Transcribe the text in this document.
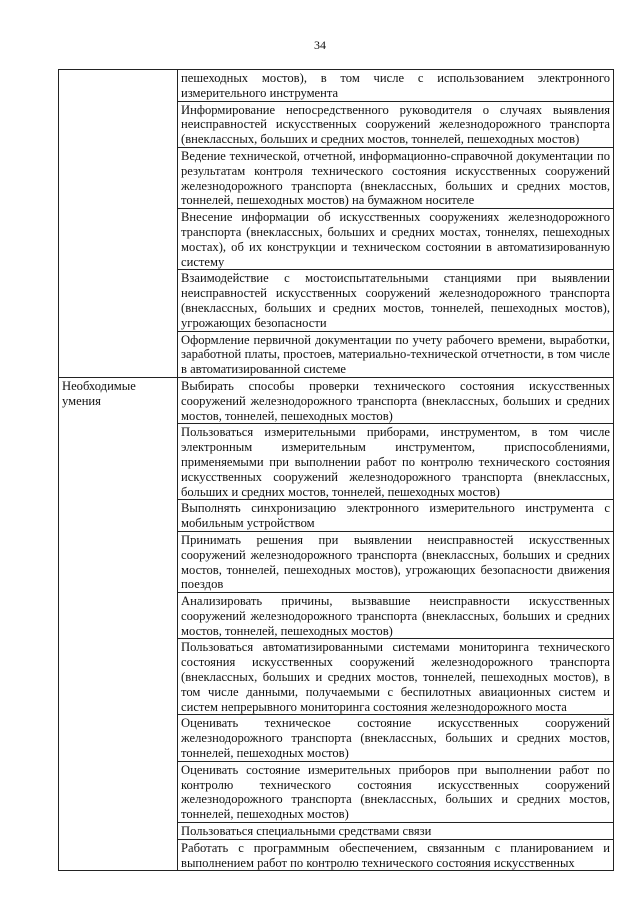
34

	пешеходных мостов), в том числе с использованием электронного измерительного инструмента

	Информирование непосредственного руководителя о случаях выявления неисправностей искусственных сооружений железнодорожного транспорта (внеклассных, больших и средних мостов, тоннелей, пешеходных мостов)

	Ведение технической, отчетной, информационно-справочной документации по результатам контроля технического состояния искусственных сооружений железнодорожного транспорта (внеклассных, больших и средних мостов, тоннелей, пешеходных мостов) на бумажном носителе

	Внесение информации об искусственных сооружениях железнодорожного транспорта (внеклассных, больших и средних мостах, тоннелях, пешеходных мостах), об их конструкции и техническом состоянии в автоматизированную систему

	Взаимодействие с мостоиспытательными станциями при выявлении неисправностей искусственных сооружений железнодорожного транспорта (внеклассных, больших и средних мостов, тоннелей, пешеходных мостов), угрожающих безопасности

	Оформление первичной документации по учету рабочего времени, выработки, заработной платы, простоев, материально-технической отчетности, в том числе в автоматизированной системе

Необходимые умения	Выбирать способы проверки технического состояния искусственных сооружений железнодорожного транспорта (внеклассных, больших и средних мостов, тоннелей, пешеходных мостов)

	Пользоваться измерительными приборами, инструментом, в том числе электронным измерительным инструментом, приспособлениями, применяемыми при выполнении работ по контролю технического состояния искусственных сооружений железнодорожного транспорта (внеклассных, больших и средних мостов, тоннелей, пешеходных мостов)

	Выполнять синхронизацию электронного измерительного инструмента с мобильным устройством

	Принимать решения при выявлении неисправностей искусственных сооружений железнодорожного транспорта (внеклассных, больших и средних мостов, тоннелей, пешеходных мостов), угрожающих безопасности движения поездов

	Анализировать причины, вызвавшие неисправности искусственных сооружений железнодорожного транспорта (внеклассных, больших и средних мостов, тоннелей, пешеходных мостов)

	Пользоваться автоматизированными системами мониторинга технического состояния искусственных сооружений железнодорожного транспорта (внеклассных, больших и средних мостов, тоннелей, пешеходных мостов), в том числе данными, получаемыми с беспилотных авиационных систем и систем непрерывного мониторинга состояния железнодорожного моста

	Оценивать техническое состояние искусственных сооружений железнодорожного транспорта (внеклассных, больших и средних мостов, тоннелей, пешеходных мостов)

	Оценивать состояние измерительных приборов при выполнении работ по контролю технического состояния искусственных сооружений железнодорожного транспорта (внеклассных, больших и средних мостов, тоннелей, пешеходных мостов)

	Пользоваться специальными средствами связи

	Работать с программным обеспечением, связанным с планированием и выполнением работ по контролю технического состояния искусственных
